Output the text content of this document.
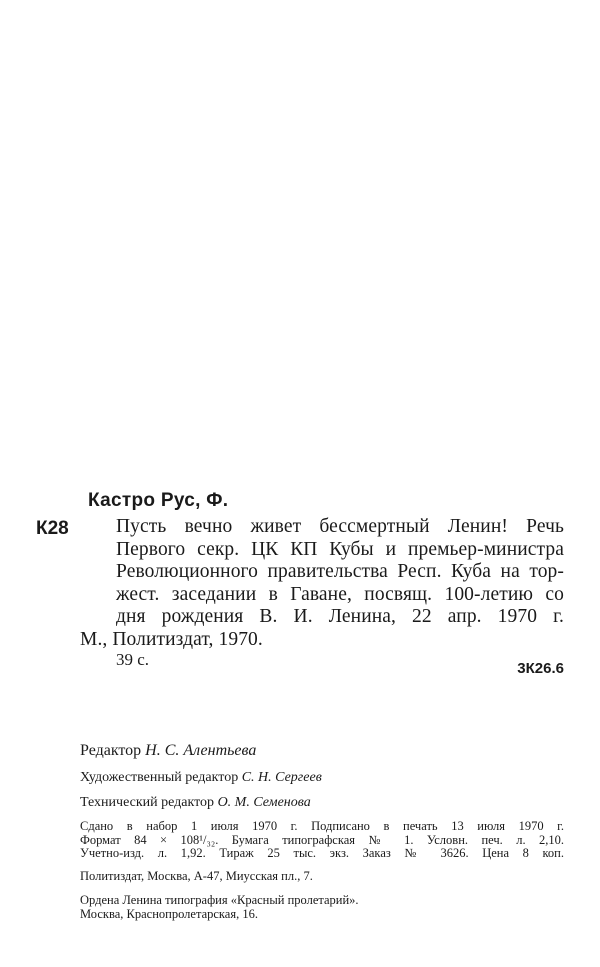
Кастро Рус, Ф.
К28 Пусть вечно живет бессмертный Ленин! Речь
Первого секр. ЦК КП Кубы и премьер-министра
Революционного правительства Респ. Куба на тор-
жест. заседании в Гаване, посвящ. 100-летию со
дня рождения В. И. Ленина, 22 апр. 1970 г.
М., Политиздат, 1970.
39 с.	3К26.6
Редактор Н. С. Алентьева
Художественный редактор С. Н. Сергеев
Технический редактор О. М. Семенова
Сдано в набор 1 июля 1970 г. Подписано в печать 13 июля 1970 г.
Формат 84 × 108¹/₃₂. Бумага типографская № 1. Условн. печ. л. 2,10.
Учетно-изд. л. 1,92. Тираж 25 тыс. экз. Заказ № 3626. Цена 8 коп.
Политиздат, Москва, А-47, Миусская пл., 7.
Ордена Ленина типография «Красный пролетарий».
Москва, Краснопролетарская, 16.
